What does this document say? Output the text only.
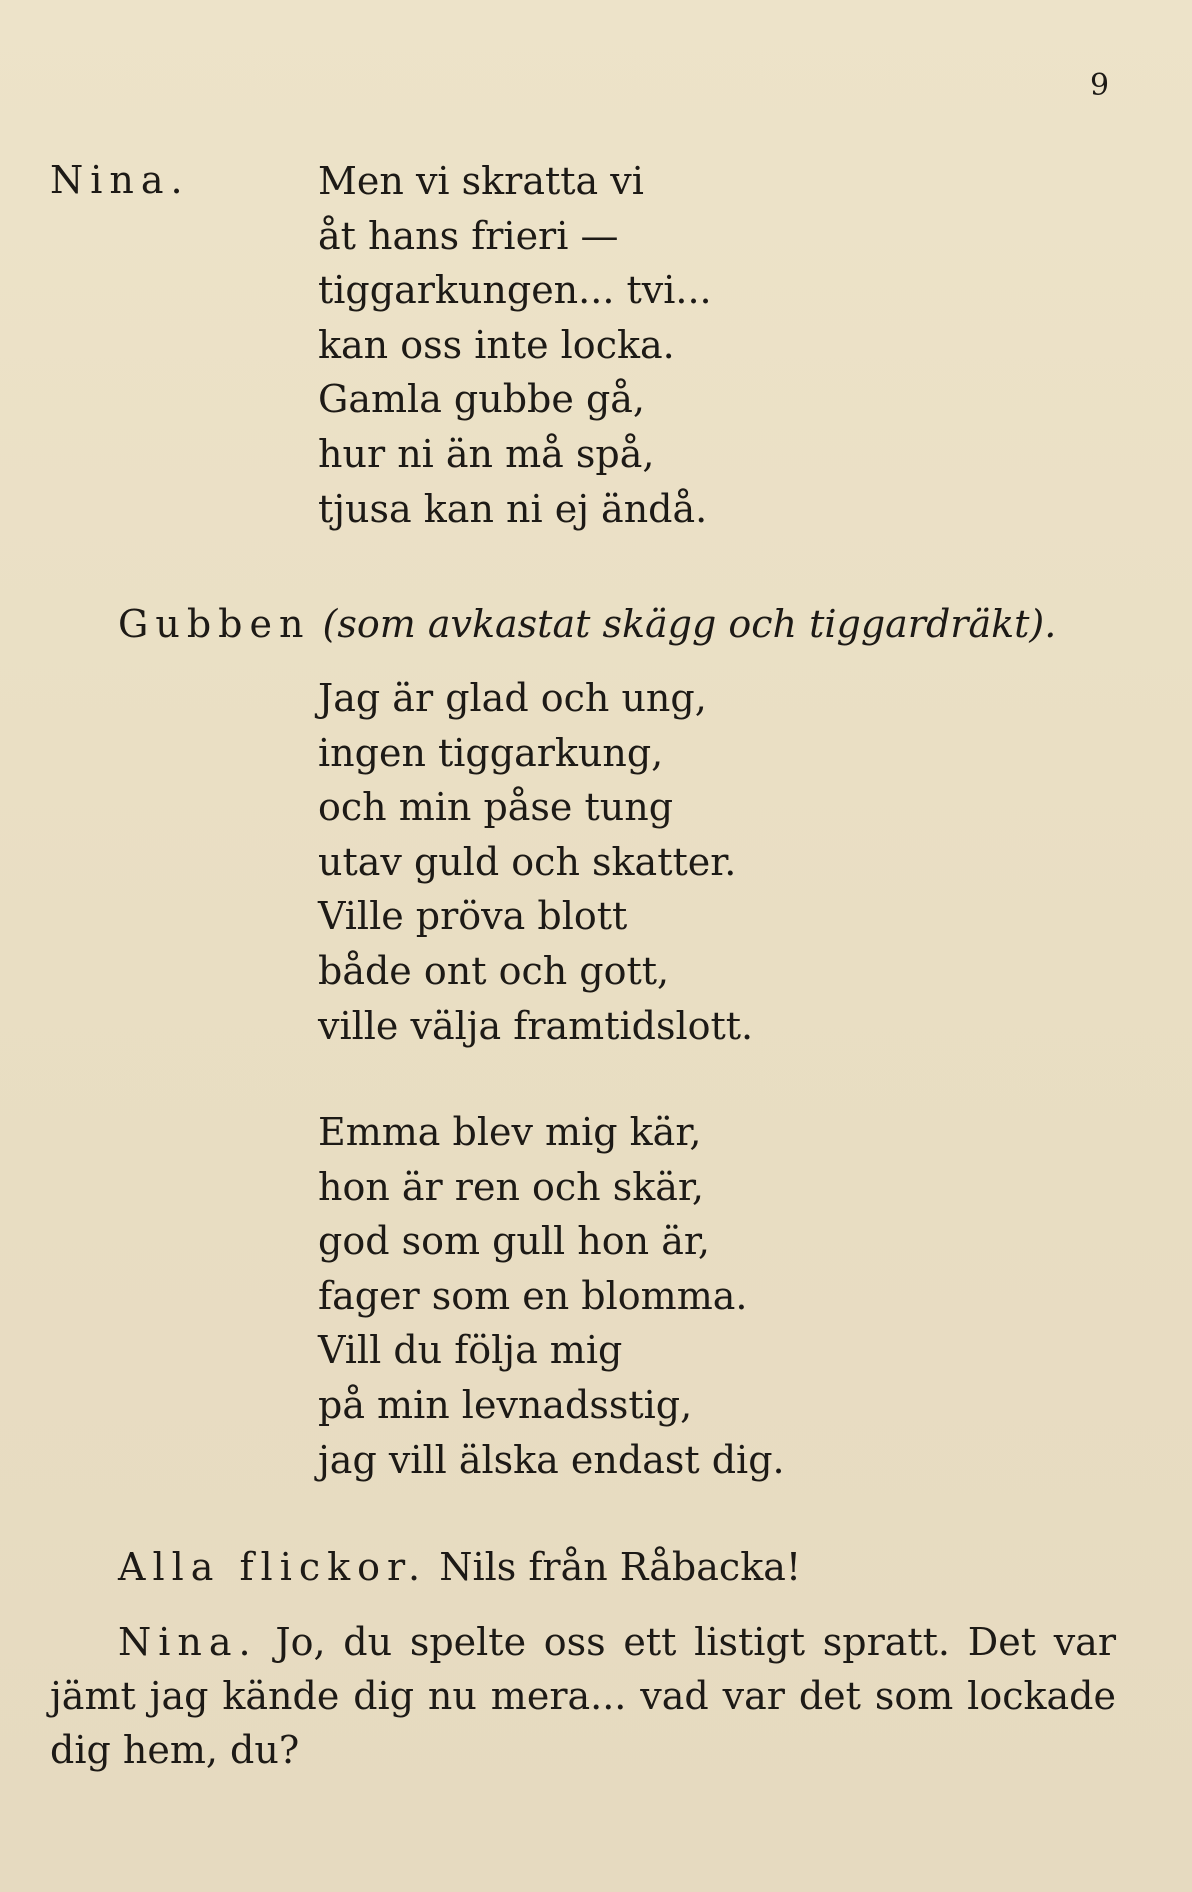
9
Nina.	Men vi skratta vi
åt hans frieri —
tiggarkungen... tvi...
kan oss inte locka.
Gamla gubbe gå,
hur ni än må spå,
tjusa kan ni ej ändå.
Gubben (som avkastat skägg och tiggardräkt).
Jag är glad och ung,
ingen tiggarkung,
och min påse tung
utav guld och skatter.
Ville pröva blott
både ont och gott,
ville välja framtidslott.
Emma blev mig kär,
hon är ren och skär,
god som gull hon är,
fager som en blomma.
Vill du följa mig
på min levnadsstig,
jag vill älska endast dig.
Alla flickor. Nils från Råbacka!
Nina. Jo, du spelte oss ett listigt spratt. Det var jämt jag kände dig nu mera... vad var det som lockade dig hem, du?
